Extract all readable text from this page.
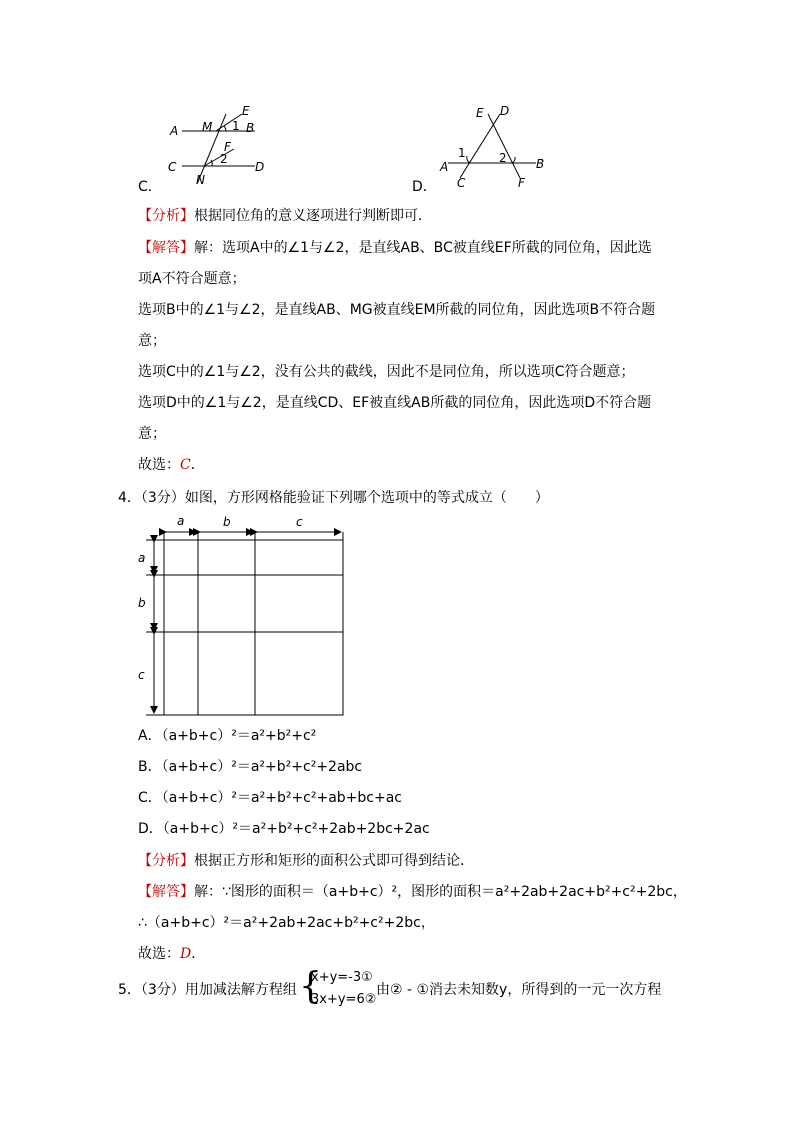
C．
A M 1 B
E
F
2
C	D
N	D．
E D
1	2
A	B
C	F
【分析】根据同位角的意义逐项进行判断即可．
【解答】解：选项A中的∠1与∠2，是直线AB、BC被直线EF所截的同位角，因此选
项A不符合题意；
选项B中的∠1与∠2，是直线AB、MG被直线EM所截的同位角，因此选项B不符合题
意；
选项C中的∠1与∠2，没有公共的截线，因此不是同位角，所以选项C符合题意；
选项D中的∠1与∠2，是直线CD、EF被直线AB所截的同位角，因此选项D不符合题
意；
故选：C．
4．（3分）如图，方形网格能验证下列哪个选项中的等式成立（　　）
a	b	c
a
b
c
A．（a+b+c）²＝a²+b²+c²
B．（a+b+c）²＝a²+b²+c²+2abc
C．（a+b+c）²＝a²+b²+c²+ab+bc+ac
D．（a+b+c）²＝a²+b²+c²+2ab+2bc+2ac
【分析】根据正方形和矩形的面积公式即可得到结论．
【解答】解：∵图形的面积＝（a+b+c）²，图形的面积＝a²+2ab+2ac+b²+c²+2bc，
∴（a+b+c）²＝a²+2ab+2ac+b²+c²+2bc，
故选：D．
5．（3分）用加减法解方程组 {
x+y=-3①
3x+y=6②
由② - ①消去未知数y，所得到的一元一次方程
